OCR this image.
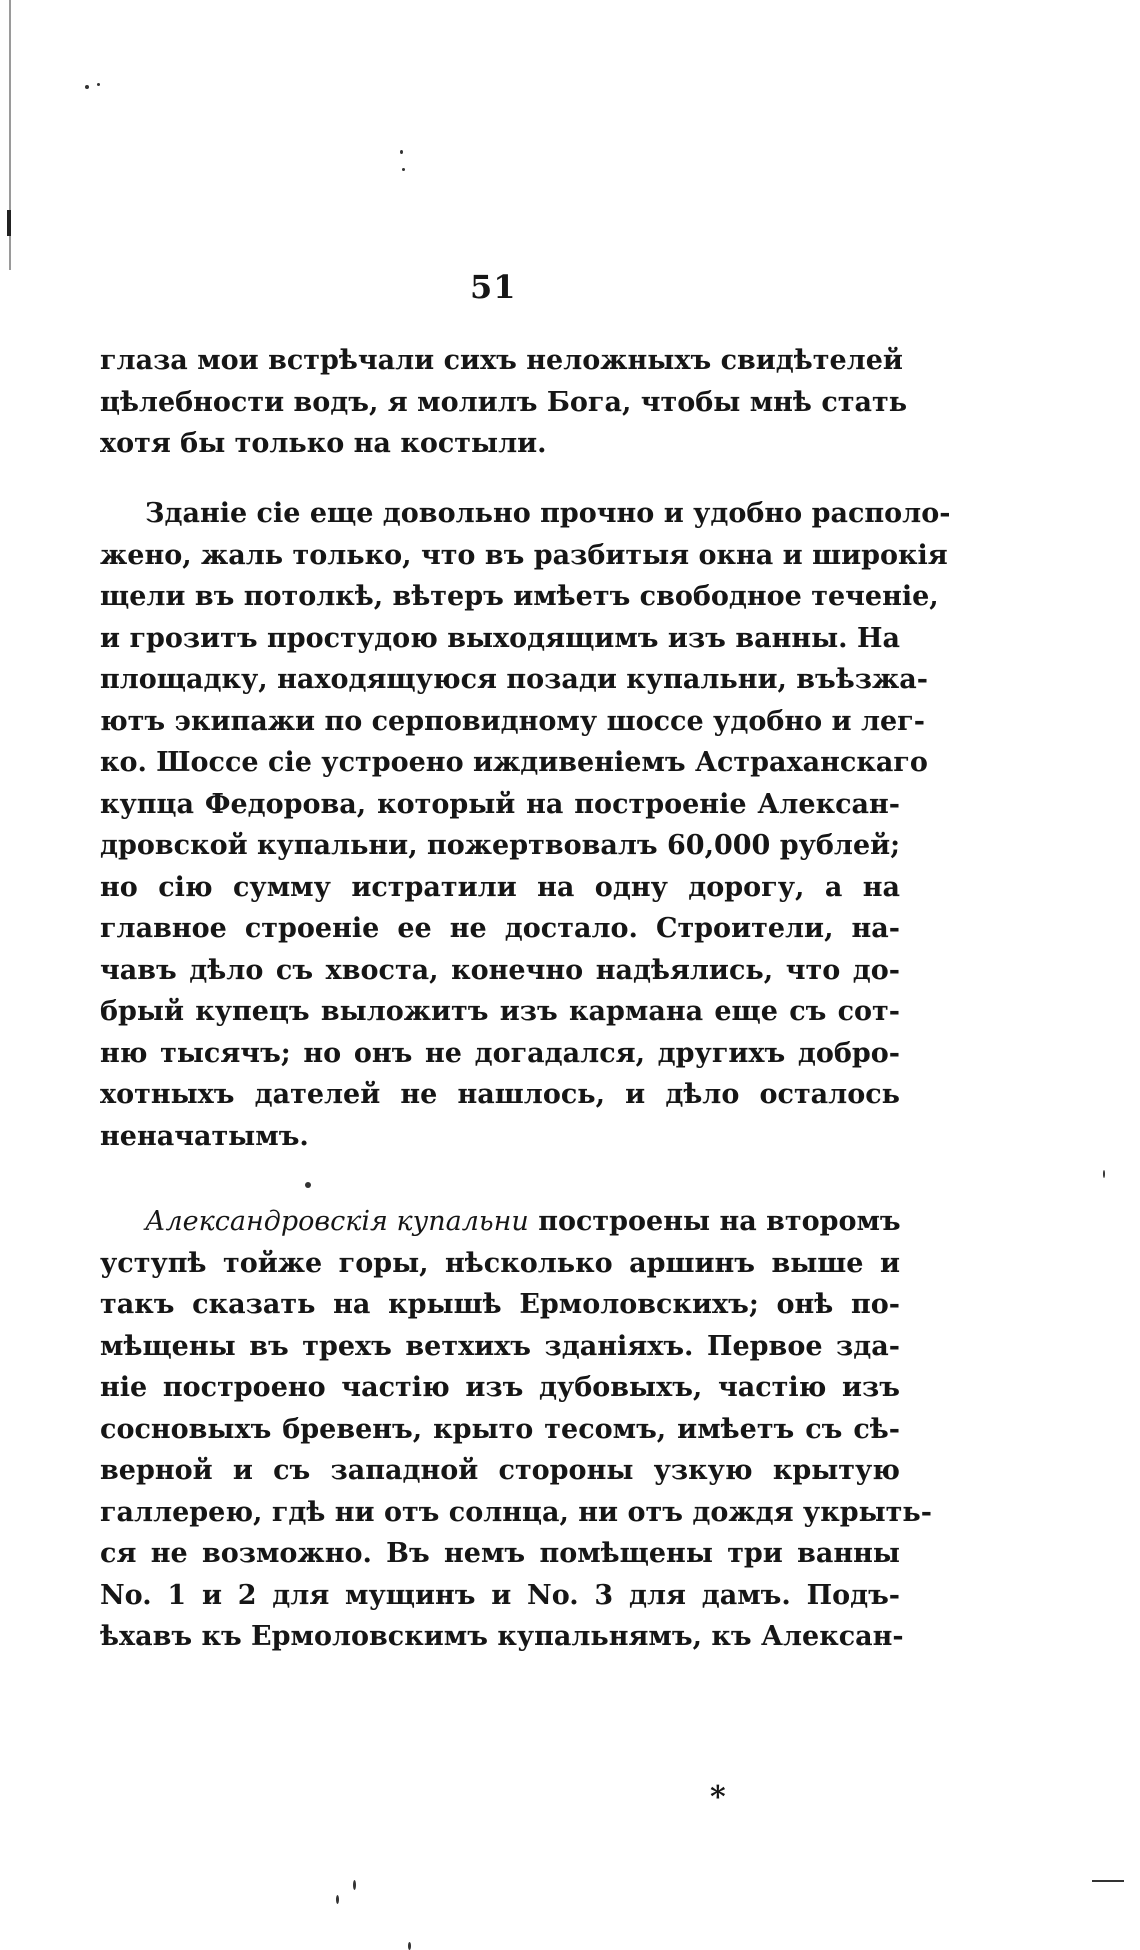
51
глаза мои встрѣчали сихъ неложныхъ свидѣтелей
цѣлебности водъ, я молилъ Бога, чтобы мнѣ стать
хотя бы только на костыли.
Зданіе сіе еще довольно прочно и удобно располо-
жено, жаль только, что въ разбитыя окна и широкія
щели въ потолкѣ, вѣтеръ имѣетъ свободное теченіе,
и грозитъ простудою выходящимъ изъ ванны. На
площадку, находящуюся позади купальни, въѣзжа-
ютъ экипажи по серповидному шоссе удобно и лег-
ко. Шоссе сіе устроено иждивеніемъ Астраханскаго
купца Федорова, который на построеніе Алексан-
дровской купальни, пожертвовалъ 60,000 рублей;
но сію сумму истратили на одну дорогу, а на
главное строеніе ее не достало. Строители, на-
чавъ дѣло съ хвоста, конечно надѣялись, что до-
брый купецъ выложитъ изъ кармана еще съ сот-
ню тысячъ; но онъ не догадался, другихъ добро-
хотныхъ дателей не нашлось, и дѣло осталось
неначатымъ.
Александровскія купальни построены на второмъ
уступѣ тойже горы, нѣсколько аршинъ выше и
такъ сказать на крышѣ Ермоловскихъ; онѣ по-
мѣщены въ трехъ ветхихъ зданіяхъ. Первое зда-
ніе построено частію изъ дубовыхъ, частію изъ
сосновыхъ бревенъ, крыто тесомъ, имѣетъ съ сѣ-
верной и съ западной стороны узкую крытую
галлерею, гдѣ ни отъ солнца, ни отъ дождя укрыть-
ся не возможно. Въ немъ помѣщены три ванны
No. 1 и 2 для мущинъ и No. 3 для дамъ. Подъ-
ѣхавъ къ Ермоловскимъ купальнямъ, къ Алексан-
*
